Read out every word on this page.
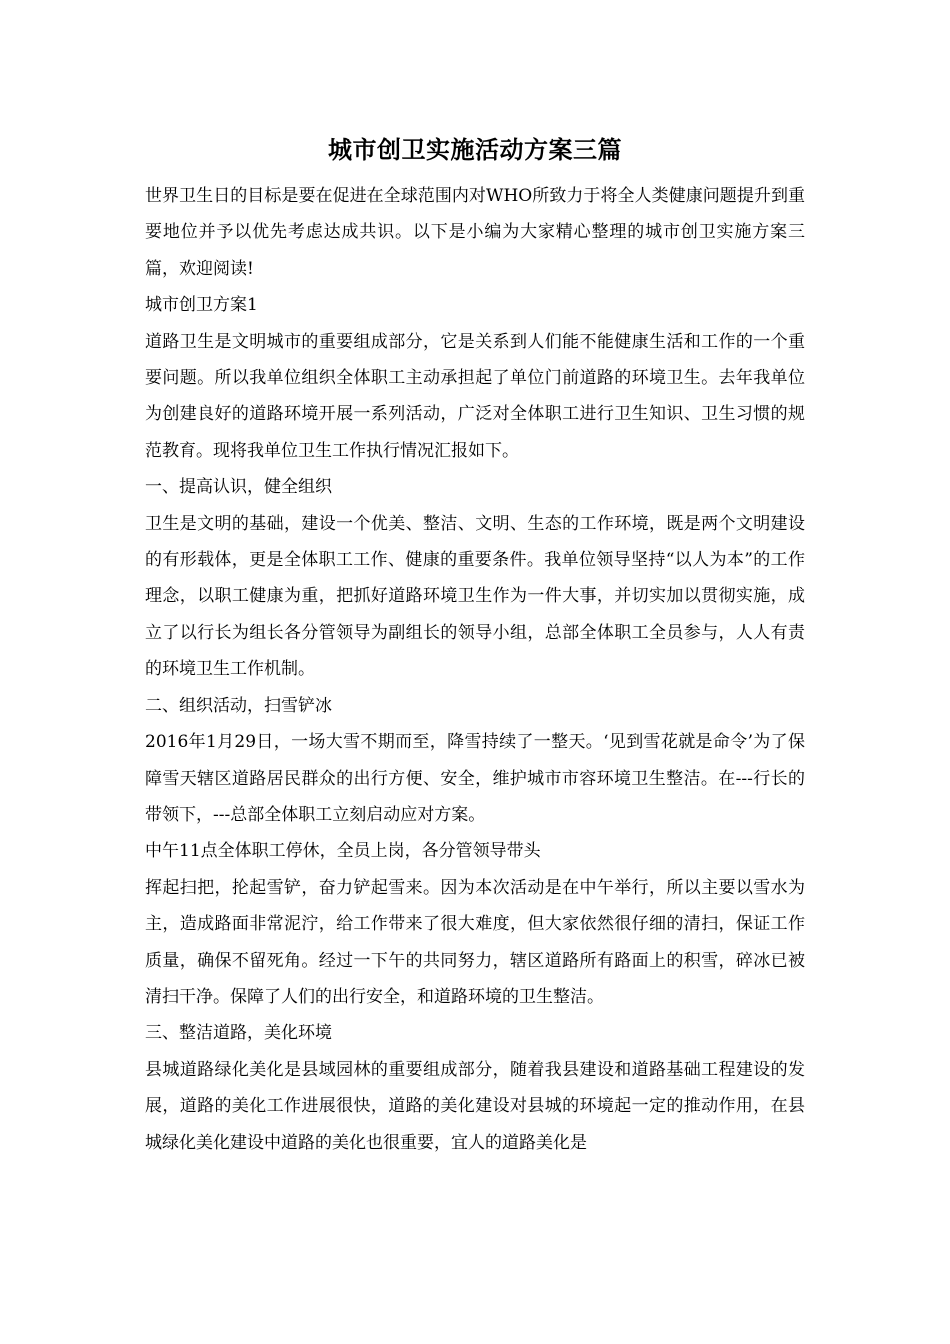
城市创卫实施活动方案三篇

世界卫生日的目标是要在促进在全球范围内对WHO所致力于将全人类健康问题提升到重要地位并予以优先考虑达成共识。以下是小编为大家精心整理的城市创卫实施方案三篇，欢迎阅读!

城市创卫方案1

道路卫生是文明城市的重要组成部分，它是关系到人们能不能健康生活和工作的一个重要问题。所以我单位组织全体职工主动承担起了单位门前道路的环境卫生。去年我单位为创建良好的道路环境开展一系列活动，广泛对全体职工进行卫生知识、卫生习惯的规范教育。现将我单位卫生工作执行情况汇报如下。

一、提高认识，健全组织

卫生是文明的基础，建设一个优美、整洁、文明、生态的工作环境，既是两个文明建设的有形载体，更是全体职工工作、健康的重要条件。我单位领导坚持“以人为本”的工作理念，以职工健康为重，把抓好道路环境卫生作为一件大事，并切实加以贯彻实施，成立了以行长为组长各分管领导为副组长的领导小组，总部全体职工全员参与，人人有责的环境卫生工作机制。

二、组织活动，扫雪铲冰

2016年1月29日，一场大雪不期而至，降雪持续了一整天。‘见到雪花就是命令’为了保障雪天辖区道路居民群众的出行方便、安全，维护城市市容环境卫生整洁。在---行长的带领下，---总部全体职工立刻启动应对方案。

中午11点全体职工停休，全员上岗，各分管领导带头

挥起扫把，抡起雪铲，奋力铲起雪来。因为本次活动是在中午举行，所以主要以雪水为主，造成路面非常泥泞，给工作带来了很大难度，但大家依然很仔细的清扫，保证工作质量，确保不留死角。经过一下午的共同努力，辖区道路所有路面上的积雪，碎冰已被清扫干净。保障了人们的出行安全，和道路环境的卫生整洁。

三、整洁道路，美化环境

县城道路绿化美化是县域园林的重要组成部分，随着我县建设和道路基础工程建设的发展，道路的美化工作进展很快，道路的美化建设对县城的环境起一定的推动作用，在县城绿化美化建设中道路的美化也很重要，宜人的道路美化是
